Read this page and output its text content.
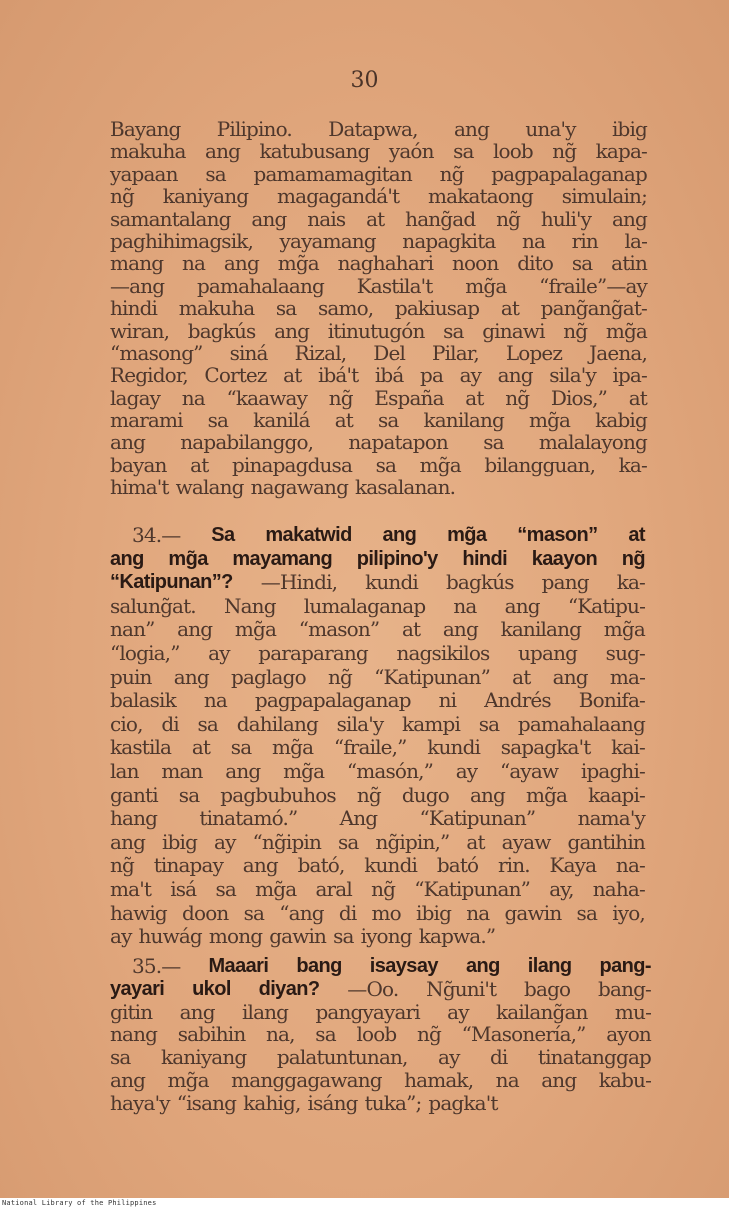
30
Bayang Pilipino. Datapwa, ang una'y ibig
makuha ang katubusang yaón sa loob ng̃ kapa-
yapaan sa pamamamagitan ng̃ pagpapalaganap
ng̃ kaniyang magagandá't makataong simulain;
samantalang ang nais at hang̃ad ng̃ huli'y ang
paghihimagsik, yayamang napagkita na rin la-
mang na ang mg̃a naghahari noon dito sa atin
—ang pamahalaang Kastila't mg̃a “fraile”—ay
hindi makuha sa samo, pakiusap at pang̃ang̃at-
wiran, bagkús ang itinutugón sa ginawi ng̃ mg̃a
“masong” siná Rizal, Del Pilar, Lopez Jaena,
Regidor, Cortez at ibá't ibá pa ay ang sila'y ipa-
lagay na “kaaway ng̃ España at ng̃ Dios,” at
marami sa kanilá at sa kanilang mg̃a kabig
ang napabilanggo, napatapon sa malalayong
bayan at pinapagdusa sa mg̃a bilangguan, ka-
hima't walang nagawang kasalanan.
34.— Sa makatwid ang mg̃a “mason” at
ang mg̃a mayamang pilipino'y hindi kaayon ng̃
“Katipunan”? —Hindi, kundi bagkús pang ka-
salung̃at. Nang lumalaganap na ang “Katipu-
nan” ang mg̃a “mason” at ang kanilang mg̃a
“logia,” ay paraparang nagsikilos upang sug-
puin ang paglago ng̃ “Katipunan” at ang ma-
balasik na pagpapalaganap ni Andrés Bonifa-
cio, di sa dahilang sila'y kampi sa pamahalaang
kastila at sa mg̃a “fraile,” kundi sapagka't kai-
lan man ang mg̃a “masón,” ay “ayaw ipaghi-
ganti sa pagbubuhos ng̃ dugo ang mg̃a kaapi-
hang tinatamó.” Ang “Katipunan” nama'y
ang ibig ay “ng̃ipin sa ng̃ipin,” at ayaw gantihin
ng̃ tinapay ang bató, kundi bató rin. Kaya na-
ma't isá sa mg̃a aral ng̃ “Katipunan” ay, naha-
hawig doon sa “ang di mo ibig na gawin sa iyo,
ay huwág mong gawin sa iyong kapwa.”
35.— Maaari bang isaysay ang ilang pang-
yayari ukol diyan? —Oo. Ng̃uni't bago bang-
gitin ang ilang pangyayari ay kailang̃an mu-
nang sabihin na, sa loob ng̃ “Masonería,” ayon
sa kaniyang palatuntunan, ay di tinatanggap
ang mg̃a manggagawang hamak, na ang kabu-
haya'y “isang kahig, isáng tuka”; pagka't
National Library of the Philippines
